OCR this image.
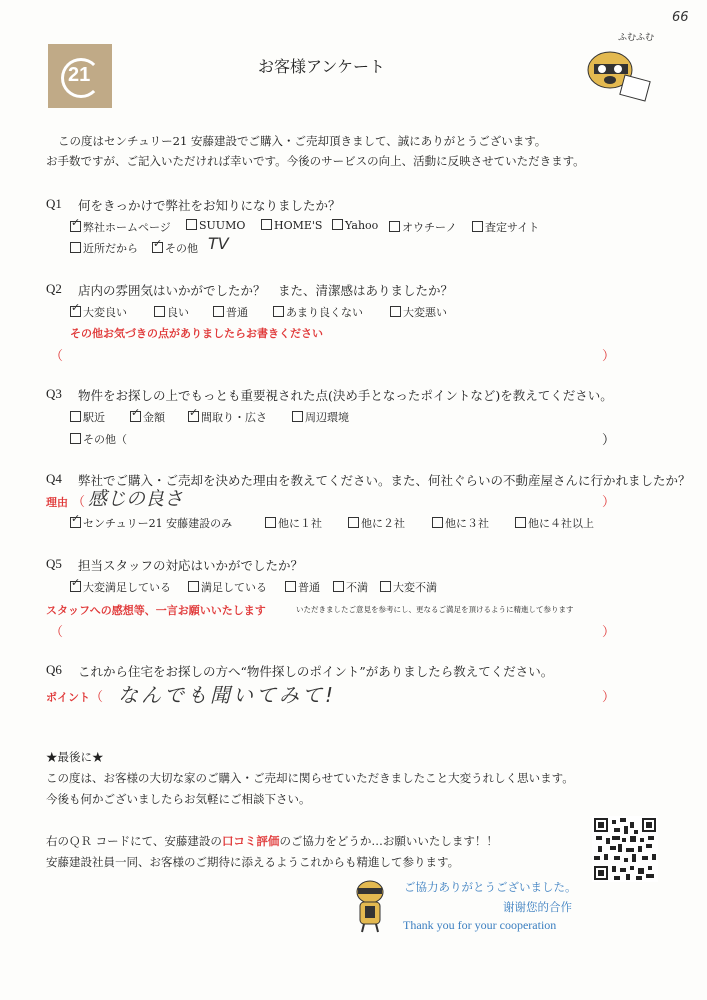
66
21	お客様アンケート
ふむふむ
この度はセンチュリー21 安藤建設でご購入・ご売却頂きまして、誠にありがとうございます。
お手数ですが、ご記入いただければ幸いです。今後のサービスの向上、活動に反映させていただきます。
Q1 何をきっかけで弊社をお知りになりましたか？
✓弊社ホームページ	SUUMO	HOME'S	Yahoo	オウチーノ	査定サイト
近所だから ✓	その他 TV
Q2 店内の雰囲気はいかがでしたか？　また、清潔感はありましたか？
✓大変良い	良い	普通	あまり良くない	大変悪い
その他お気づきの点がありましたらお書きください
（	）
Q3 物件をお探しの上でもっとも重要視された点(決め手となったポイントなど)を教えてください。
駅近 ✓	金額 ✓	間取り・広さ	周辺環境
その他（	）
Q4 弊社でご購入・ご売却を決めた理由を教えてください。また、何社ぐらいの不動産屋さんに行かれましたか？
理由 （ 感じの良さ	）
✓センチュリー21 安藤建設のみ	他に１社	他に２社	他に３社	他に４社以上
Q5 担当スタッフの対応はいかがでしたか？
✓大変満足している	満足している	普通	不満	大変不満
スタッフへの感想等、一言お願いいたします	いただきましたご意見を参考にし、更なるご満足を頂けるように精進して参ります
（	）
Q6 これから住宅をお探しの方へ“物件探しのポイント”がありましたら教えてください。
ポイント （ なんでも聞いてみて!	）
★最後に★
この度は、お客様の大切な家のご購入・ご売却に関らせていただきましたこと大変うれしく思います。
今後も何かございましたらお気軽にご相談下さい。
右のＱＲ コードにて、安藤建設の口コミ評価のご協力をどうか…お願いいたします！！
安藤建設社員一同、お客様のご期待に添えるようこれからも精進して参ります。
ご協力ありがとうございました。
谢谢您的合作
Thank you for your cooperation
